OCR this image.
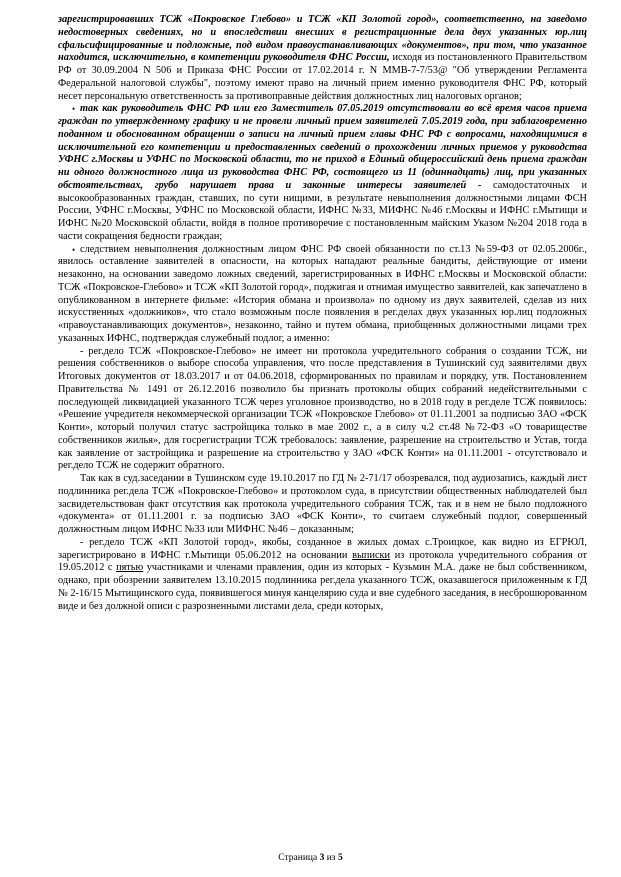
зарегистрировавших ТСЖ «Покровское Глебово» и ТСЖ «КП Золотой город», соответственно, на заведомо недостоверных сведениях, но и впоследствии внесших в регистрационные дела двух указанных юр.лиц сфальсифицированные и подложные, под видом правоустанавливающих «документов», при том, что указанное находится, исключительно, в компетенции руководителя ФНС России, исходя из постановленного Правительством РФ от 30.09.2004 N 506 и Приказа ФНС России от 17.02.2014 г. N ММВ-7-7/53@ "Об утверждении Регламента Федеральной налоговой службы", поэтому имеют право на личный прием именно руководителя ФНС РФ, который несет персональную ответственность за противоправные действия должностных лиц налоговых органов;

• так как руководитель ФНС РФ или его Заместитель 07.05.2019 отсутствовали во всё время часов приема граждан по утвержденному графику и не провели личный прием заявителей 7.05.2019 года, при заблаговременно поданном и обоснованном обращении о записи на личный прием главы ФНС РФ с вопросами, находящимися в исключительной его компетенции и предоставленных сведений о прохождении личных приемов у руководства УФНС г.Москвы и УФНС по Московской области, то не приход в Единый общероссийский день приема граждан ни одного должностного лица из руководства ФНС РФ, состоящего из 11 (одиннадцать) лиц, при указанных обстоятельствах, грубо нарушает права и законные интересы заявителей - самодостаточных и высокообразованных граждан, ставших, по сути нищими, в результате невыполнения должностными лицами ФСН России, УФНС г.Москвы, УФНС по Московской области, ИФНС №33, МИФНС №46 г.Москвы и ИФНС г.Мытищи и ИФНС №20 Московской области, войдя в полное противоречие с постановленным майским Указом №204 2018 года в части сокращения бедности граждан;

• следствием невыполнения должностным лицом ФНС РФ своей обязанности по ст.13 №59-ФЗ от 02.05.2006г., явилось оставление заявителей в опасности, на которых нападают реальные бандиты, действующие от имени незаконно, на основании заведомо ложных сведений, зарегистрированных в ИФНС г.Москвы и Московской области: ТСЖ «Покровское-Глебово» и ТСЖ «КП Золотой город», поджигая и отнимая имущество заявителей, как запечатлено в опубликованном в интернете фильме: «История обмана и произвола» по одному из двух заявителей, сделав из них искусственных «должников», что стало возможным после появления в рег.делах двух указанных юр.лиц подложных «правоустанавливающих документов», незаконно, тайно и путем обмана, приобщенных должностными лицами трех указанных ИФНС, подтверждая служебный подлог, а именно:

- рег.дело ТСЖ «Покровское-Глебово» не имеет ни протокола учредительного собрания о создании ТСЖ, ни решения собственников о выборе способа управления, что после представления в Тушинский суд заявителями двух Итоговых документов от 18.03.2017 и от 04.06.2018, сформированных по правилам и порядку, утв. Постановлением Правительства № 1491 от 26.12.2016 позволило бы признать протоколы общих собраний недействительными с последующей ликвидацией указанного ТСЖ через уголовное производство, но в 2018 году в рег.деле ТСЖ появилось: «Решение учредителя некоммерческой организации ТСЖ «Покровское Глебово» от 01.11.2001 за подписью ЗАО «ФСК Конти», который получил статус застройщика только в мае 2002 г., а в силу ч.2 ст.48 №72-ФЗ «О товариществе собственников жилья», для госрегистрации ТСЖ требовалось: заявление, разрешение на строительство и Устав, тогда как заявление от застройщика и разрешение на строительство у ЗАО «ФСК Конти» на 01.11.2001 - отсутствовало и рег.дело ТСЖ не содержит обратного.

Так как в суд.заседании в Тушинском суде 19.10.2017 по ГД № 2-71/17 обозревался, под аудиозапись, каждый лист подлинника рег.дела ТСЖ «Покровское-Глебово» и протоколом суда, в присутствии общественных наблюдателей был засвидетельствован факт отсутствия как протокола учредительного собрания ТСЖ, так и в нем не было подложного «документа» от 01.11.2001 г. за подписью ЗАО «ФСК Конти», то считаем служебный подлог, совершенный должностным лицом ИФНС №33 или МИФНС №46 – доказанным;

- рег.дело ТСЖ «КП Золотой город», якобы, созданное в жилых домах с.Троицкое, как видно из ЕГРЮЛ, зарегистрировано в ИФНС г.Мытищи 05.06.2012 на основании выписки из протокола учредительного собрания от 19.05.2012 с пятью участниками и членами правления, один из которых - Кузьмин М.А. даже не был собственником, однако, при обозрении заявителем 13.10.2015 подлинника рег.дела указанного ТСЖ, оказавшегося приложенным к ГД № 2-16/15 Мытищинского суда, появившегося минуя канцелярию суда и вне судебного заседания, в несброшюрованном виде и без должной описи с разрозненными листами дела, среди которых,

Страница 3 из 5
